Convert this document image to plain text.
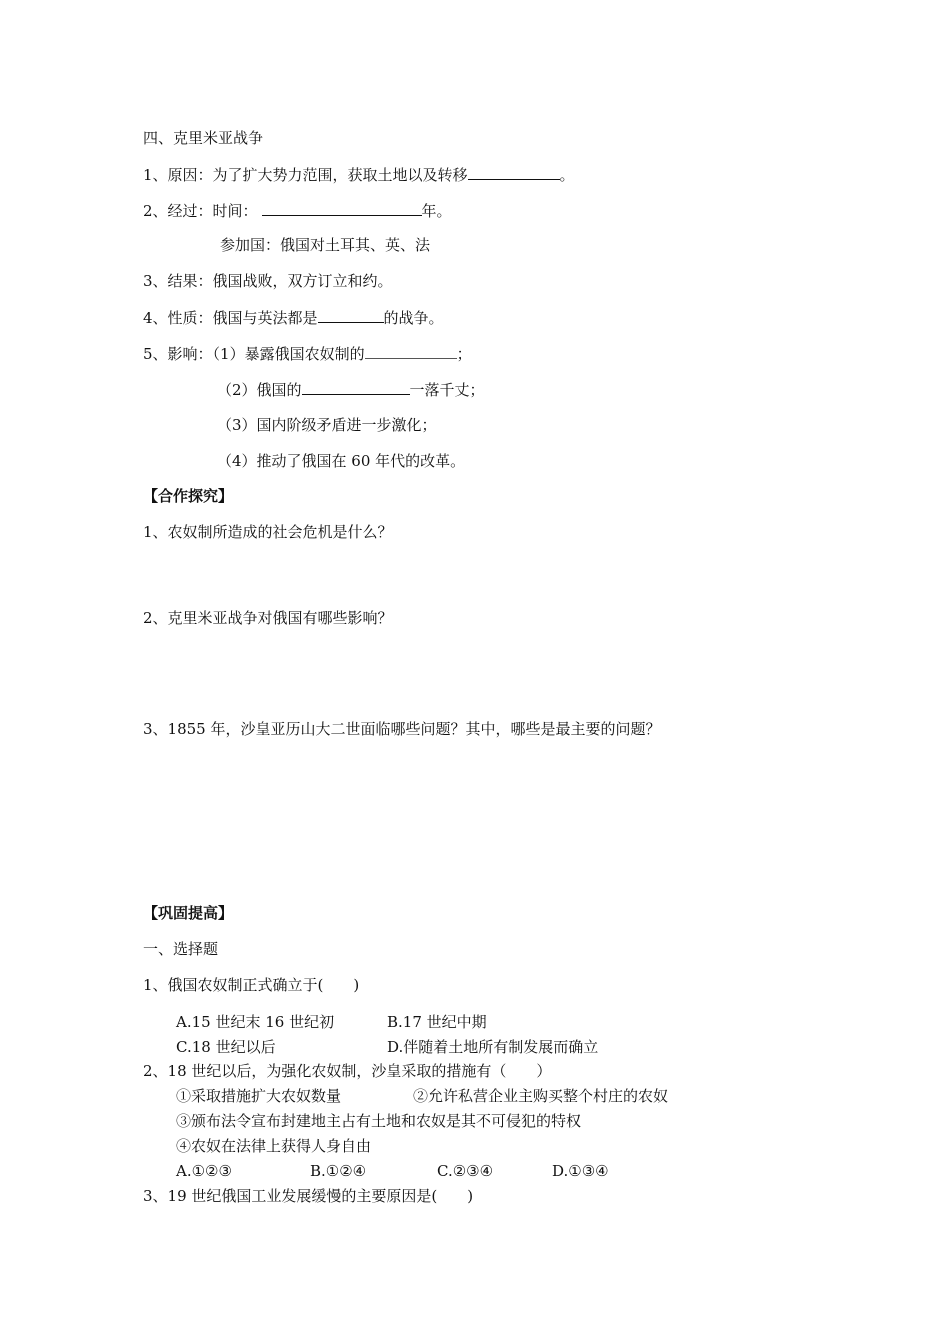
四、克里米亚战争
1、原因：为了扩大势力范围，获取土地以及转移	。
2、经过：时间：	年。
参加国：俄国对土耳其、英、法
3、结果：俄国战败，双方订立和约。
4、性质：俄国与英法都是	的战争。
5、影响：（1）暴露俄国农奴制的	；
（2）俄国的	一落千丈；
（3）国内阶级矛盾进一步激化；
（4）推动了俄国在 60 年代的改革。
【合作探究】
1、农奴制所造成的社会危机是什么？
2、克里米亚战争对俄国有哪些影响？
3、1855 年，沙皇亚历山大二世面临哪些问题？其中，哪些是最主要的问题？
【巩固提高】
一、选择题
1、俄国农奴制正式确立于(　　)
A.15 世纪末 16 世纪初	B.17 世纪中期
C.18 世纪以后	D.伴随着土地所有制发展而确立
2、18 世纪以后，为强化农奴制，沙皇采取的措施有（　　）
①采取措施扩大农奴数量	②允许私营企业主购买整个村庄的农奴
③颁布法令宣布封建地主占有土地和农奴是其不可侵犯的特权
④农奴在法律上获得人身自由
A.①②③	B.①②④	C.②③④	D.①③④
3、19 世纪俄国工业发展缓慢的主要原因是(　　)
